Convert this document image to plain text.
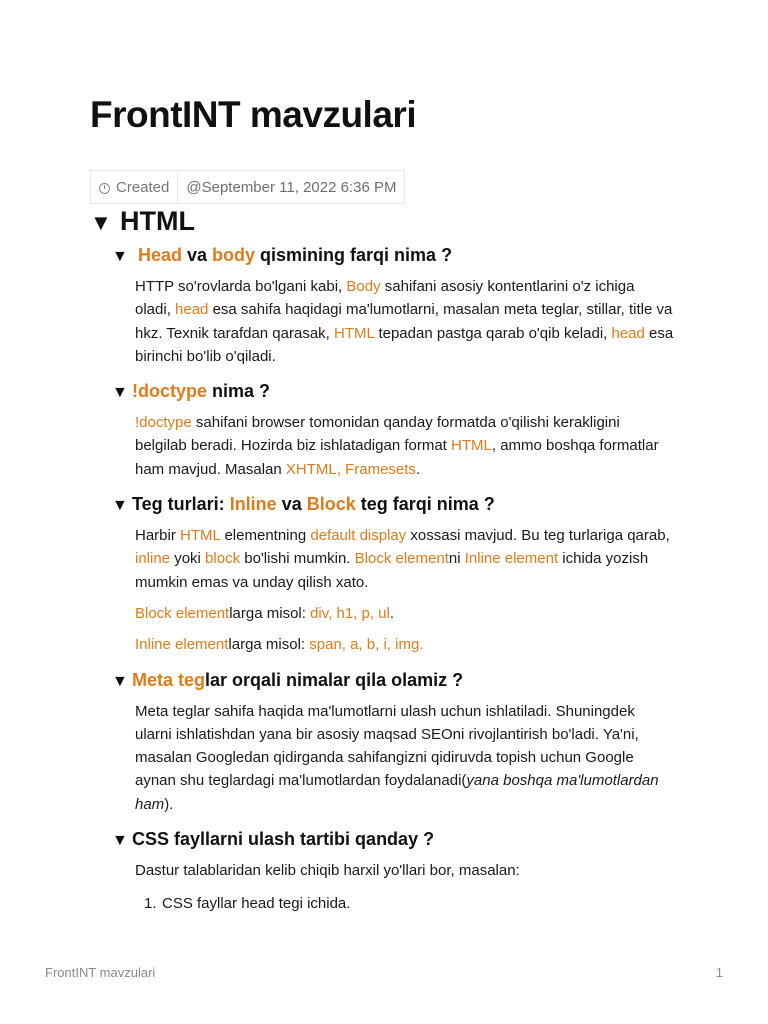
FrontINT mavzulari
Created	@September 11, 2022 6:36 PM
▼ HTML
▼ Head va body qismining farqi nima ?

HTTP so'rovlarda bo'lgani kabi, Body sahifani asosiy kontentlarini o'z ichiga
oladi, head esa sahifa haqidagi ma'lumotlarni, masalan meta teglar, stillar, title va
hkz. Texnik tarafdan qarasak, HTML tepadan pastga qarab o'qib keladi, head esa
birinchi bo'lib o'qiladi.

▼ !doctype nima ?

!doctype sahifani browser tomonidan qanday formatda o'qilishi kerakligini
belgilab beradi. Hozirda biz ishlatadigan format HTML, ammo boshqa formatlar
ham mavjud. Masalan XHTML, Framesets.

▼ Teg turlari: Inline va Block teg farqi nima ?

Harbir HTML elementning default display xossasi mavjud. Bu teg turlariga qarab,
inline yoki block bo'lishi mumkin. Block elementni Inline element ichida yozish
mumkin emas va unday qilish xato.

Block elementlarga misol: div, h1, p, ul.

Inline elementlarga misol: span, a, b, i, img.

▼ Meta teglar orqali nimalar qila olamiz ?

Meta teglar sahifa haqida ma'lumotlarni ulash uchun ishlatiladi. Shuningdek
ularni ishlatishdan yana bir asosiy maqsad SEOni rivojlantirish bo'ladi. Ya'ni,
masalan Googledan qidirganda sahifangizni qidiruvda topish uchun Google
aynan shu teglardagi ma'lumotlardan foydalanadi(yana boshqa ma'lumotlardan
ham).

▼ CSS fayllarni ulash tartibi qanday ?

Dastur talablaridan kelib chiqib harxil yo'llari bor, masalan:

1. CSS fayllar head tegi ichida.

FrontINT mavzulari	1
